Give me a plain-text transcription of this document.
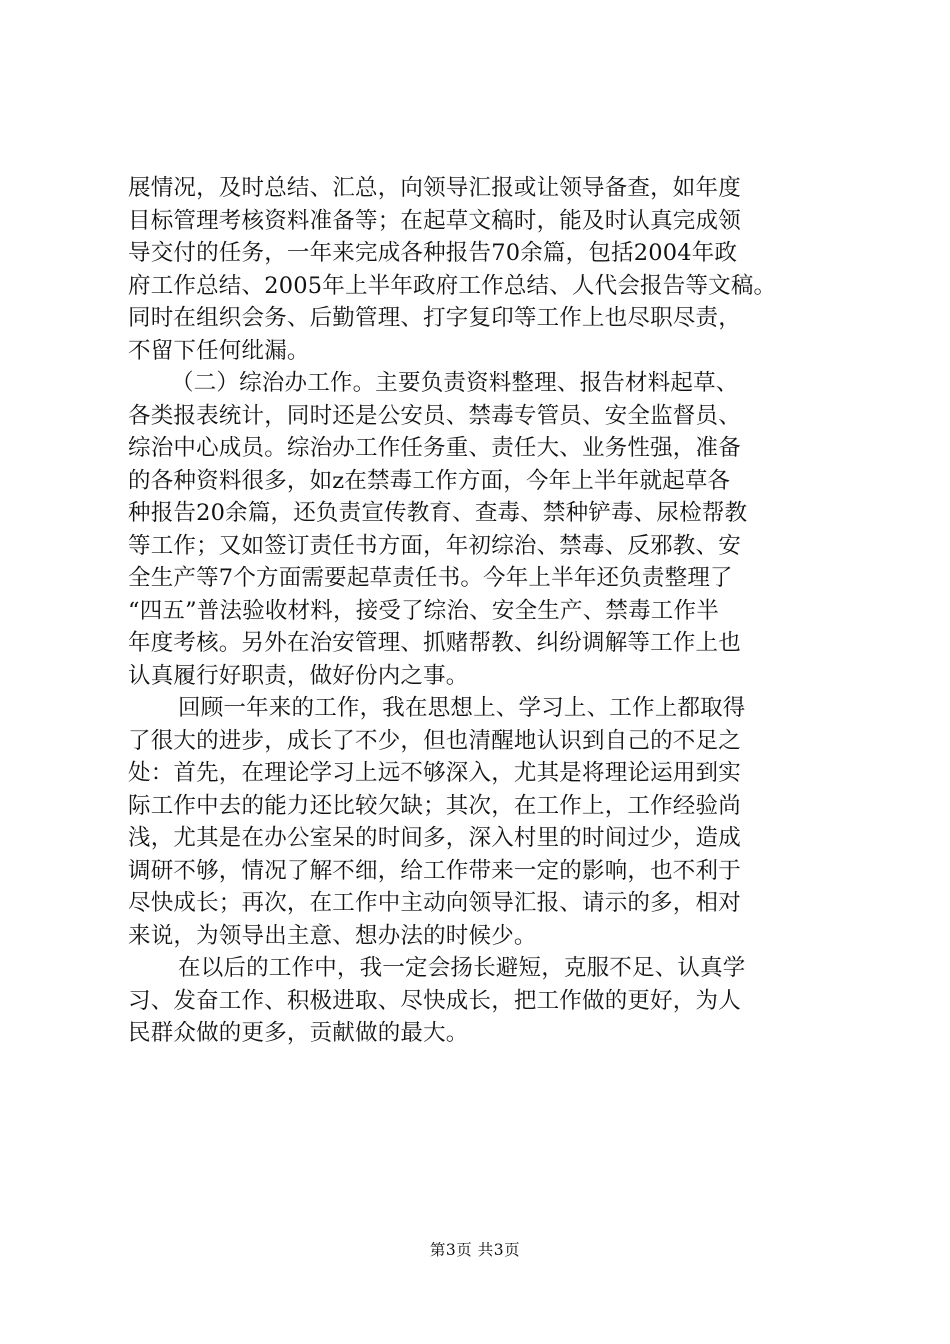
展情况，及时总结、汇总，向领导汇报或让领导备查，如年度
目标管理考核资料准备等；在起草文稿时，能及时认真完成领
导交付的任务，一年来完成各种报告70余篇，包括2004年政
府工作总结、2005年上半年政府工作总结、人代会报告等文稿。
同时在组织会务、后勤管理、打字复印等工作上也尽职尽责，
不留下任何纰漏。
（二）综治办工作。主要负责资料整理、报告材料起草、
各类报表统计，同时还是公安员、禁毒专管员、安全监督员、
综治中心成员。综治办工作任务重、责任大、业务性强，准备
的各种资料很多，如z在禁毒工作方面，今年上半年就起草各
种报告20余篇，还负责宣传教育、查毒、禁种铲毒、尿检帮教
等工作；又如签订责任书方面，年初综治、禁毒、反邪教、安
全生产等7个方面需要起草责任书。今年上半年还负责整理了
“四五”普法验收材料，接受了综治、安全生产、禁毒工作半
年度考核。另外在治安管理、抓赌帮教、纠纷调解等工作上也
认真履行好职责，做好份内之事。
回顾一年来的工作，我在思想上、学习上、工作上都取得
了很大的进步，成长了不少，但也清醒地认识到自己的不足之
处：首先，在理论学习上远不够深入，尤其是将理论运用到实
际工作中去的能力还比较欠缺；其次，在工作上，工作经验尚
浅，尤其是在办公室呆的时间多，深入村里的时间过少，造成
调研不够，情况了解不细，给工作带来一定的影响，也不利于
尽快成长；再次，在工作中主动向领导汇报、请示的多，相对
来说，为领导出主意、想办法的时候少。
在以后的工作中，我一定会扬长避短，克服不足、认真学
习、发奋工作、积极进取、尽快成长，把工作做的更好，为人
民群众做的更多，贡献做的最大。
第3页 共3页
